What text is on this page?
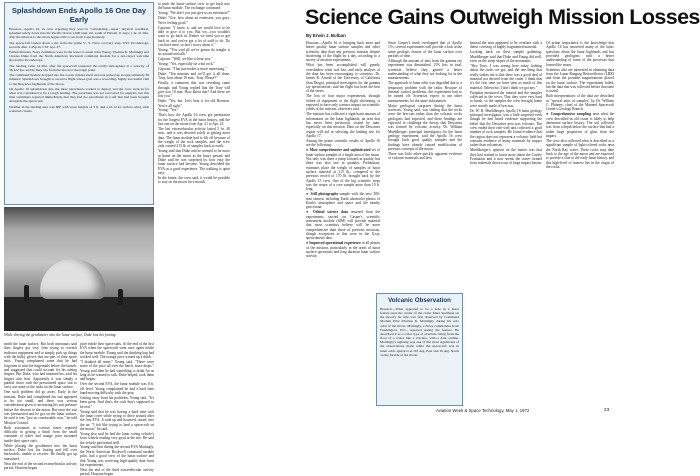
Splashdown Ends Apollo 16 One Day Early

Houston—Apollo 16, its crew reporting they were in "outstanding—super" physical condition, splashed safely down into the Pacific Ocean 1,000 naut. mi. south of Hawaii 11 days, 1 hr. 51 min. after the mission to the moon began with a roar from Cape Kennedy.

The spacecraft landed about 1 mi. from the prime U. S. Navy recovery ship, USS Ticonderoga, seconds after 1:45 p.m. CST Apr. 27.

Within minutes, Navy swimmers were in the water to assist John Young, Thomas K. Mattingly and Charles Duke from the North American Rockwell command module for a red-carpet welcome aboard the Ticonderoga.

The landing came 14 min. after the spacecraft reentered the earth's atmosphere at a velocity of 36,122 fps. and its fiery trip from the moon to the target point.

The command module dropped into the ocean, righted itself and was picked up in approximately 38 minutes. Splashdown brought to an end a flight whose goal was a rewarding, highly successful visit to the Descartes highlands of the moon.

On Apollo 16 splashdown day, the three parachutes worked to deploy, and the crew went in for what was considered to be a rough landing. The parachute was not recovered for analysis, but this time swimmers reported immediately that they had the parachutes in a raft that had been brought alongside the spacecraft.

Weather in the landing area was 80F with wave heights of 3 ft. and a 10-12 kt. surface wind, with scattered clouds.

While driving the geodimeter into the lunar surface, Duke lost his footing.
Science Gains Outweigh Mission Losses
By Erwin J. Bulban

neath the lunar surface. But both astronauts said their fingers got very firm trying to wrench indicator equipment and to simply pick up things with the bulky gloves that are part of their space suits. Young complained some that he had forgotten to trim his fingernails before the launch, and suggested that could account for his aching fingers. But Duke, who had trimmed his, said his fingers also hurt. Apparently it was simply a painful chore with the pressurized space suit to carry out some of the tasks on the lunar surface.

One such problem did go away. Early in the mission, Duke had complained his suit appeared to be too small, and there was serious consideration given to increasing his suit pressure before the descent to the moon. But once the suit was pressurized and he got on the lunar surface, he said it was "just as comfortable now," he told Mission Control.

Both astronauts at various times reported difficulty in getting a drink from the small container of water and orange juice mounted inside their space suits.

While placing the geodimeter into the lunar surface, Duke lost his footing and fell over backwards, unable to recover. He finally got up unassisted.

Near the end of the second extravehicular activity period, Houston began

juice inside their space suits. At the end of the first EVA when the spacecraft went once again inside the lunar module, Young said the drinking bag had worked well. The orange juice wound up a drink.

"I drinked all mine," Young said. "There were some of the juice all over the hatch, more drops." Young said then he had something to drink for as long as he wanted to talk. Duke helped, took them and began.

Over the second EVA, the lunar module was 8 ft. off level. Young complained he had a hard time hand-moving difficulty with the gear.

Getting away from his problems, Young said, "It's been great. And that's the rock that's supposed to be real."

Young said that he was having a hard time with the lunar rover while trying to drive around after the first EVA. It rode up and bounced, raised, into the air. "I felt like trying to land a spacecraft on the moon," he said.

Young also said he had the lunar roving vehicle's front wheels reading very good at the site. He said the vehicle performed well.

Young said that during the second EVA Mattingly, the North American Rockwell command module pilot, had a good view of the lunar surface and that Young was receiving high-quality data from his experiments.

Near the end of the third extravehicular activity period, Houston began

to push the lunar surface crew to get back into the lunar module. The exchange continued:

Young: "We don't you just give us an extension?"

Duke: "Gee, how about an extension, you guys. We're feeling good."

Capcom: "I know it, and we would love to be able to give it to you. But we—you wouldn't want to go back in. Rather we need you to get back in, and you've got a lot of stuff to do. Do you have time, so don't worry about it."

Young: "You said all we've gonna do tonight is sit around and talk."

Capcom: "Well, we like to hear you."

Young: "Yes, especially on a hot rock."

Capcom: "That just makes it more interesting."

Duke: "Ten minutes and we'll get it all done, Tony, how about 10 min., Tony. Please?"

Finally, a comment that was revealing came through, and Young replied that the Tony will give you 10 min. How about that? And there we lost you."

Duke: "Yes, but. Let's hear it for old Houston. You're all right."

Young: "Yes."

That's how the Apollo 16 crew got permission for the longest EVA in the lunar history, and the last one on the moon from Apr. 21 to Apr. 23.

The last extravehicular activity lasted 5 hr. 40 min., and it was devoted solely to getting more data. The lunar module had to lift off because of the weight of the rock samples, and the crew only carried 213 lb. of samples back to earth.

Young said that Duke and he seemed to be more at home on the moon as the hours passed, and Duke said he was surprised by how easy the lunar surface had become. Young described the EVA as a good experience. The walking is quite easy.

In the future, the crew said, it would be possible to stay on the moon for a month.

Houston—Apollo 16 is bringing back more and better quality lunar surface samples and other scientific data than any previous mission despite shortening of the flight by a day, according to a survey of mission experiments.

What has been accomplished will greatly overshadow what was lost, and early analysis of the data has been encouraging to scientists. Dr. James R. Arnold of the University of California (San Diego), principal investigator for the gamma ray spectrometer, said the flight has been the best of the series.

The loss of four major experiments, through failure of equipment or the flight shortening, is expected to have only a minor impact on scientific yields of the mission, observers said.

The mission has collected a significant amount of information on the lunar highlands, an area that has never been previously visited by man, especially on this mission. Data on the Descartes region will aid in selecting the landing site for Apollo 17.

Among the prime scientific results of Apollo 16 are the following:

● Most comprehensive and sophisticated set of lunar surface samples of a single area of the moon. Not only was there a jump forward in quality, but there was also one in quantity. Preliminary estimates place the weight of samples of lunar surface material at 215 lb., compared to the previous record of 170 lb. brought back by the Apollo 15 crew. One of the big scientific steps was the return of a core sample more than 10 ft. long.

● Still photographs sample with the new 500-mm camera, including Earth ultraviolet photos of Earth's atmosphere and space and the nearby geocorona.

● Orbital science data returned from the experiments carried on Casper's scientific instrument module (SIM) will provide material that most scientists believe will be more comprehensive than those of previous missions, though exceptions to this were in the X-ray spectrometer data.

● Improved operational experience in all phases of the mission, particularly in the areas of lunar surface operations and long duration lunar surface activity.

Since Casper's trunk overlapped that of Apollo 15's, several experiments will provide a look at the same geologic feature of the lunar surface over periods of time.

Although the amount of data from the gamma ray experiment was diminished, 15% less in total, scientists believe they gained a better understanding of what they are looking for in the measurements.

The approach to lunar orbit was degraded due to a temporary problem with the radar. Because of thermal control problems, the experiment had to be turned off. Scientists expect to use other measurements for the same information.

Major geological surprises during the lunar traverses, Young said, was finding that the rocks were the breccias rather than the volcanic rocks geologists had expected, and these findings are expected to challenge the theory that Descartes was formed by volcanic activity. Dr. William Muehlberger, principal investigator for the lunar geology experiment, said the Apollo 16 crew brought back good quality samples and the findings have already caused modification of previous concepts of the moon.

There was little other quickly apparent evidence of volcanic materials and lava

Instead the area appeared to be overlain with a dense covering of highly fragmented material.

Looking back on their sample gathering, Muehlberger said that Duke and Young did well, even on the steep slopes of the mountains.

"Hey Tony, I was seeing here today looking about the rocks we got, and the one thing that really strikes me is that there was a good deal of material not derived from the crater. I think that it's the first time we have seen as much of this material. Otherwise, I don't think we got any."

Farquhar measured the ramrod and the samples collected in the rover. That they were very hard to break, so the samples the crew brought home were mostly made of breccias.

Dr. W. R. Muehlberger, Apollo 16 lunar geology principal investigator, was a little surprised even though he had heard evidence supporting the belief that the Descartes area was volcanic. The crew ended their ride well and collected a good number of rock samples. He found evidence that the region does not represent a volcanic field but contains evidence of many materials by impact rather than volcanism.

Muehlberger's opinion on the matter was that they had wanted to know more about the Cayley Formation and it now seems the crater formed from materials thrown out of large impact basins.

Of prime importance is the knowledge that Apollo 16 has answered many of the basic questions about the lunar highlands and has provided geologists with a better understanding of some of the processes that formed the moon.

Scientists also are interested in obtaining data from the Lunar Ranging Retroreflector (LRR) and from the portable magnetometer placed on the lunar surface. The experiment failed, but the data that was collected before that time is useful.

Both interpretations of the data are described as "special units of samples" by Dr. William C. Phinney, chief of the Manned Spacecraft Center's Geology Branch.

● Comprehensive sampling near what the crew described as old crater is likely to help determine surface history. The soil collected was from a depth below the surface that had a rather large proportion of glass from the impact.

The crew also collected what is described as a significant sample of light-colored rocks near the North Ray crater. These rocks may date back to the age of the moon and are expected to provide a clue to the early lunar history, and this high-level of interest lies in the origin of the rocks.

Volcanic Observation
Houston—What appeared to be a hole in a lunar feature near the center of the crater Mare Spumans on the moon's far side was first observed by Command Module Pilot Thomas K. Mattingly during his solo orbit of the moon. Mattingly, a Navy commander from Washington, D.C., reported seeing the feature. He described it as a crater type of structure rising from the floor of a crater like a volcano, with a dark outline. Mattingly's sighting was one of the most significant of the observations made while the spacecraft was in lunar orbit. Quick is at 110 deg. East and 10 deg. North on the farside of the moon.
Aviation Week & Space Technology, May 1, 1972	23
